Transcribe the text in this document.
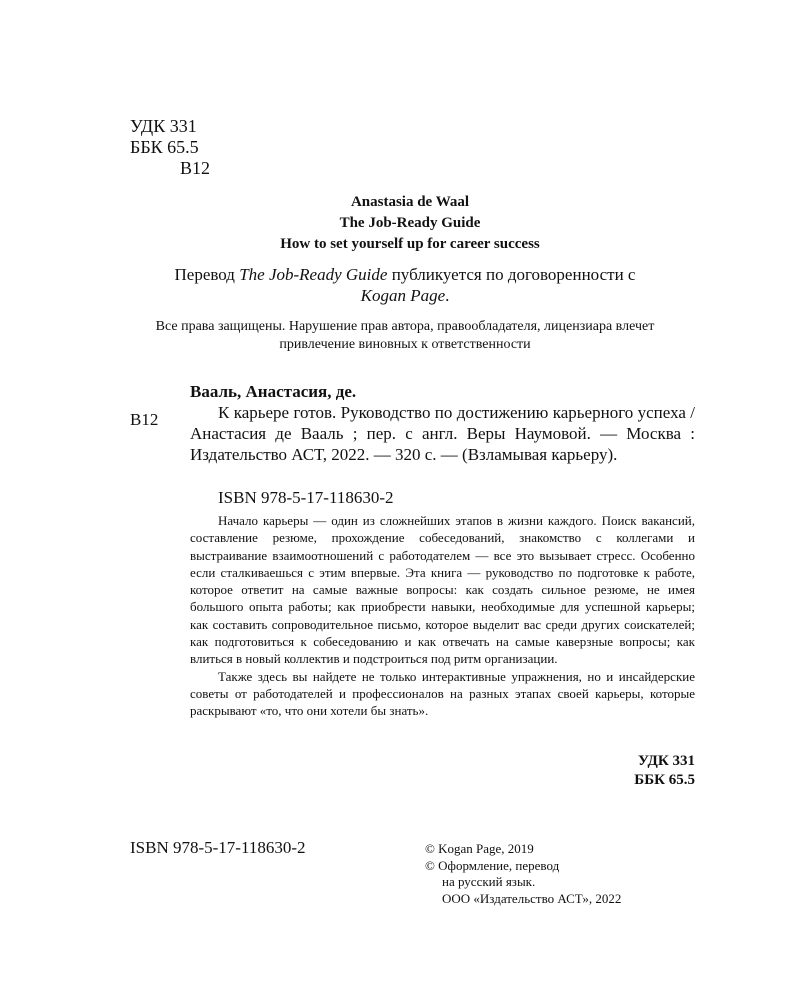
УДК 331
ББК 65.5
В12
Anastasia de Waal
The Job-Ready Guide
How to set yourself up for career success
Перевод The Job-Ready Guide публикуется по договоренности с
Kogan Page.
Все права защищены. Нарушение прав автора, правообладателя, лицензиара влечет привлечение виновных к ответственности
Вааль, Анастасия, де.
В12	К карьере готов. Руководство по достижению карьерного успеха / Анастасия де Вааль ; пер. с англ. Веры Наумовой. — Москва : Издательство АСТ, 2022. — 320 с. — (Взламывая карьеру).
ISBN 978-5-17-118630-2

Начало карьеры — один из сложнейших этапов в жизни каждого. Поиск вакансий, составление резюме, прохождение собеседований, знакомство с коллегами и выстраивание взаимоотношений с работодателем — все это вызывает стресс. Особенно если сталкиваешься с этим впервые. Эта книга — руководство по подготовке к работе, которое ответит на самые важные вопросы: как создать сильное резюме, не имея большого опыта работы; как приобрести навыки, необходимые для успешной карьеры; как составить сопроводительное письмо, которое выделит вас среди других соискателей; как подготовиться к собеседованию и как отвечать на самые каверзные вопросы; как влиться в новый коллектив и подстроиться под ритм организации.

Также здесь вы найдете не только интерактивные упражнения, но и инсайдерские советы от работодателей и профессионалов на разных этапах своей карьеры, которые раскрывают «то, что они хотели бы знать».

УДК 331
ББК 65.5
ISBN 978-5-17-118630-2	© Kogan Page, 2019
© Оформление, перевод
на русский язык.
ООО «Издательство АСТ», 2022
